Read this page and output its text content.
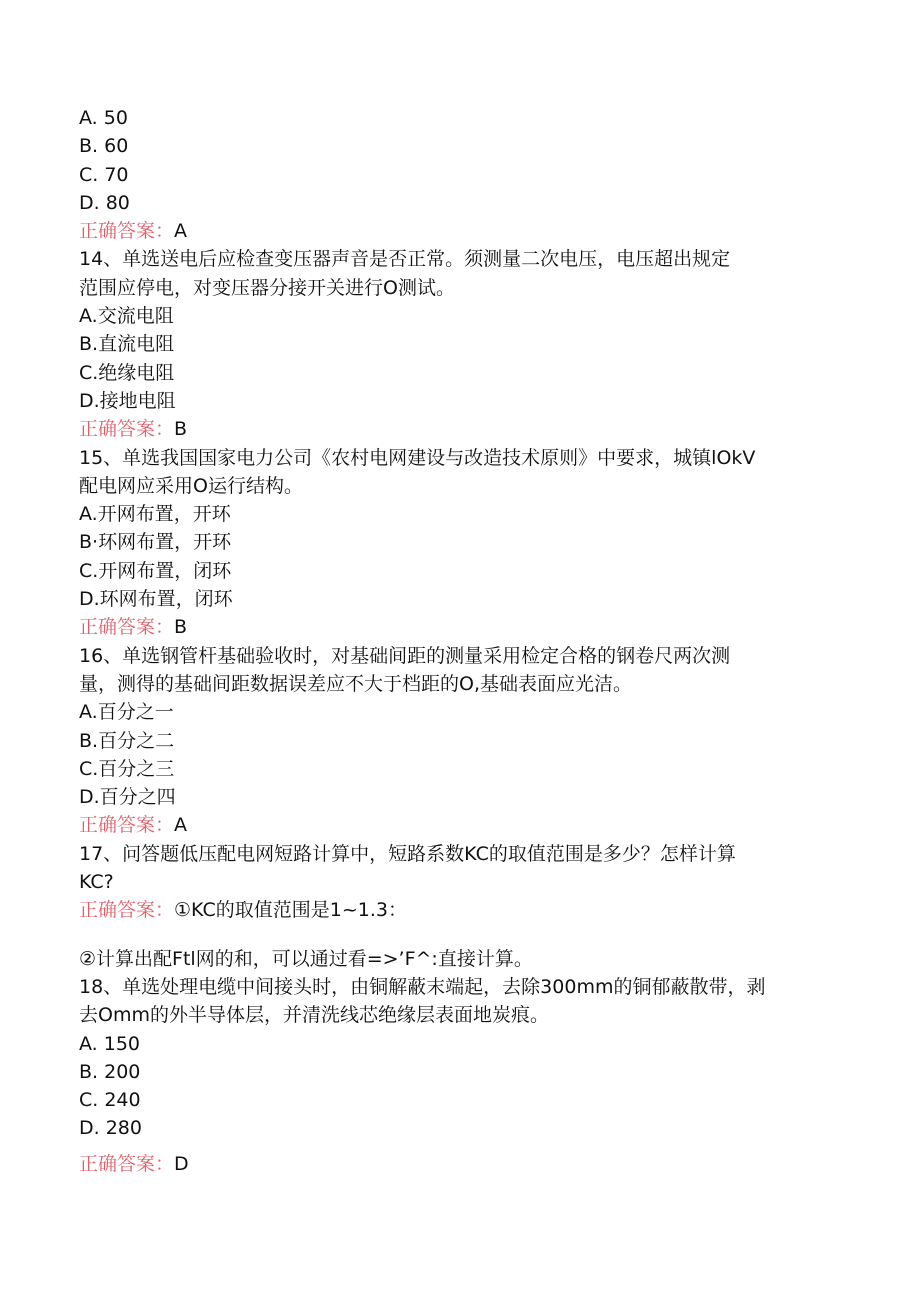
A. 50
B. 60
C. 70
D. 80
正确答案：A
14、单选送电后应检查变压器声音是否正常。须测量二次电压，电压超出规定
范围应停电，对变压器分接开关进行O测试。
A.交流电阻
B.直流电阻
C.绝缘电阻
D.接地电阻
正确答案：B
15、单选我国国家电力公司《农村电网建设与改造技术原则》中要求，城镇lOkV
配电网应采用O运行结构。
A.开网布置，开环
B·环网布置，开环
C.开网布置，闭环
D.环网布置，闭环
正确答案：B
16、单选钢管杆基础验收时，对基础间距的测量采用检定合格的钢卷尺两次测
量，测得的基础间距数据误差应不大于档距的O,基础表面应光洁。
A.百分之一
B.百分之二
C.百分之三
D.百分之四
正确答案：A
17、问答题低压配电网短路计算中，短路系数KC的取值范围是多少？怎样计算
KC?
正确答案：①KC的取值范围是1~1.3：
②计算出配Ftl网的和，可以通过看=>’F^:直接计算。
18、单选处理电缆中间接头时，由铜解蔽末端起，去除300mm的铜郁蔽散带，剥
去Omm的外半导体层，并清洗线芯绝缘层表面地炭痕。
A. 150
B. 200
C. 240
D. 280
正确答案：D
